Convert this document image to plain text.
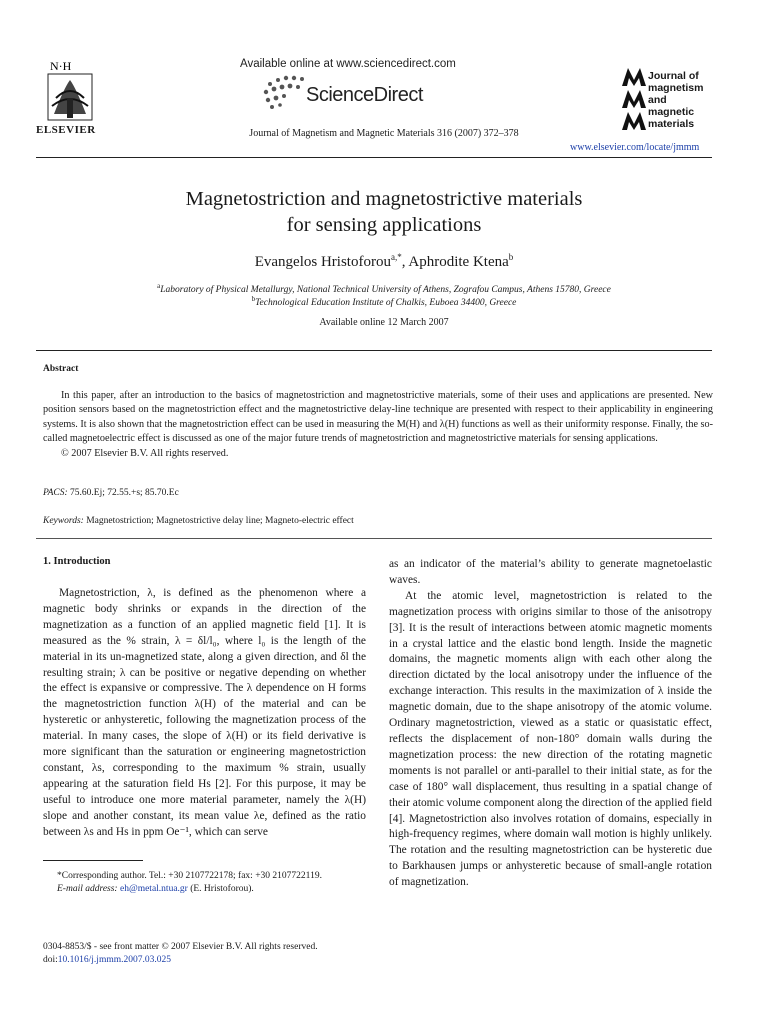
N·H
ELSEVIER
Available online at www.sciencedirect.com
ScienceDirect
Journal of Magnetism and Magnetic Materials 316 (2007) 372–378
Journal of
magnetism
and
magnetic
materials
www.elsevier.com/locate/jmmm
Magnetostriction and magnetostrictive materials
for sensing applications
Evangelos Hristoforou$^{a,*}$, Aphrodite Ktena$^b$
$^a$Laboratory of Physical Metallurgy, National Technical University of Athens, Zografou Campus, Athens 15780, Greece
$^b$Technological Education Institute of Chalkis, Euboea 34400, Greece
Available online 12 March 2007
Abstract

In this paper, after an introduction to the basics of magnetostriction and magnetostrictive materials, some of their uses and applications are presented. New position sensors based on the magnetostriction effect and the magnetostrictive delay-line technique are presented with respect to their applicability in engineering systems. It is also shown that the magnetostriction effect can be used in measuring the M(H) and λ(H) functions as well as their uniformity response. Finally, the so-called magnetoelectric effect is discussed as one of the major future trends of magnetostriction and magnetostrictive materials for sensing applications.

© 2007 Elsevier B.V. All rights reserved.

PACS: 75.60.Ej; 72.55.+s; 85.70.Ec
Keywords: Magnetostriction; Magnetostrictive delay line; Magneto-electric effect
1. Introduction

Magnetostriction, λ, is defined as the phenomenon where a magnetic body shrinks or expands in the direction of the magnetization as a function of an applied magnetic field [1]. It is measured as the % strain, λ = δl/l₀, where l₀ is the length of the material in its un-magnetized state, along a given direction, and δl the resulting strain; λ can be positive or negative depending on whether the effect is expansive or compressive. The λ dependence on H forms the magnetostriction function λ(H) of the material and can be hysteretic or anhysteretic, following the magnetization process of the material. In many cases, the slope of λ(H) or its field derivative is more significant than the saturation or engineering magnetostriction constant, λs, corresponding to the maximum % strain, usually appearing at the saturation field Hs [2]. For this purpose, it may be useful to introduce one more material parameter, namely the λ(H) slope and another constant, its mean value λe, defined as the ratio between λs and Hs in ppm Oe⁻¹, which can serve

as an indicator of the material’s ability to generate magnetoelastic waves.

At the atomic level, magnetostriction is related to the magnetization process with origins similar to those of the anisotropy [3]. It is the result of interactions between atomic magnetic moments in a crystal lattice and the elastic bond length. Inside the magnetic domains, the magnetic moments align with each other along the direction dictated by the local anisotropy under the influence of the exchange interaction. This results in the maximization of λ inside the magnetic domain, due to the shape anisotropy of the atomic volume. Ordinary magnetostriction, viewed as a static or quasistatic effect, reflects the displacement of non-180° domain walls during the magnetization process: the new direction of the rotating magnetic moments is not parallel or anti-parallel to their initial state, as for the case of 180° wall displacement, thus resulting in a spatial change of their atomic volume component along the direction of the applied field [4]. Magnetostriction also involves rotation of domains, especially in high-frequency regimes, where domain wall motion is highly unlikely. The rotation and the resulting magnetostriction can be hysteretic due to Barkhausen jumps or anhysteretic because of small-angle rotation of magnetization.

*Corresponding author. Tel.: +30 2107722178; fax: +30 2107722119.

E-mail address: eh@metal.ntua.gr (E. Hristoforou).

0304-8853/$ - see front matter © 2007 Elsevier B.V. All rights reserved.

doi:10.1016/j.jmmm.2007.03.025
